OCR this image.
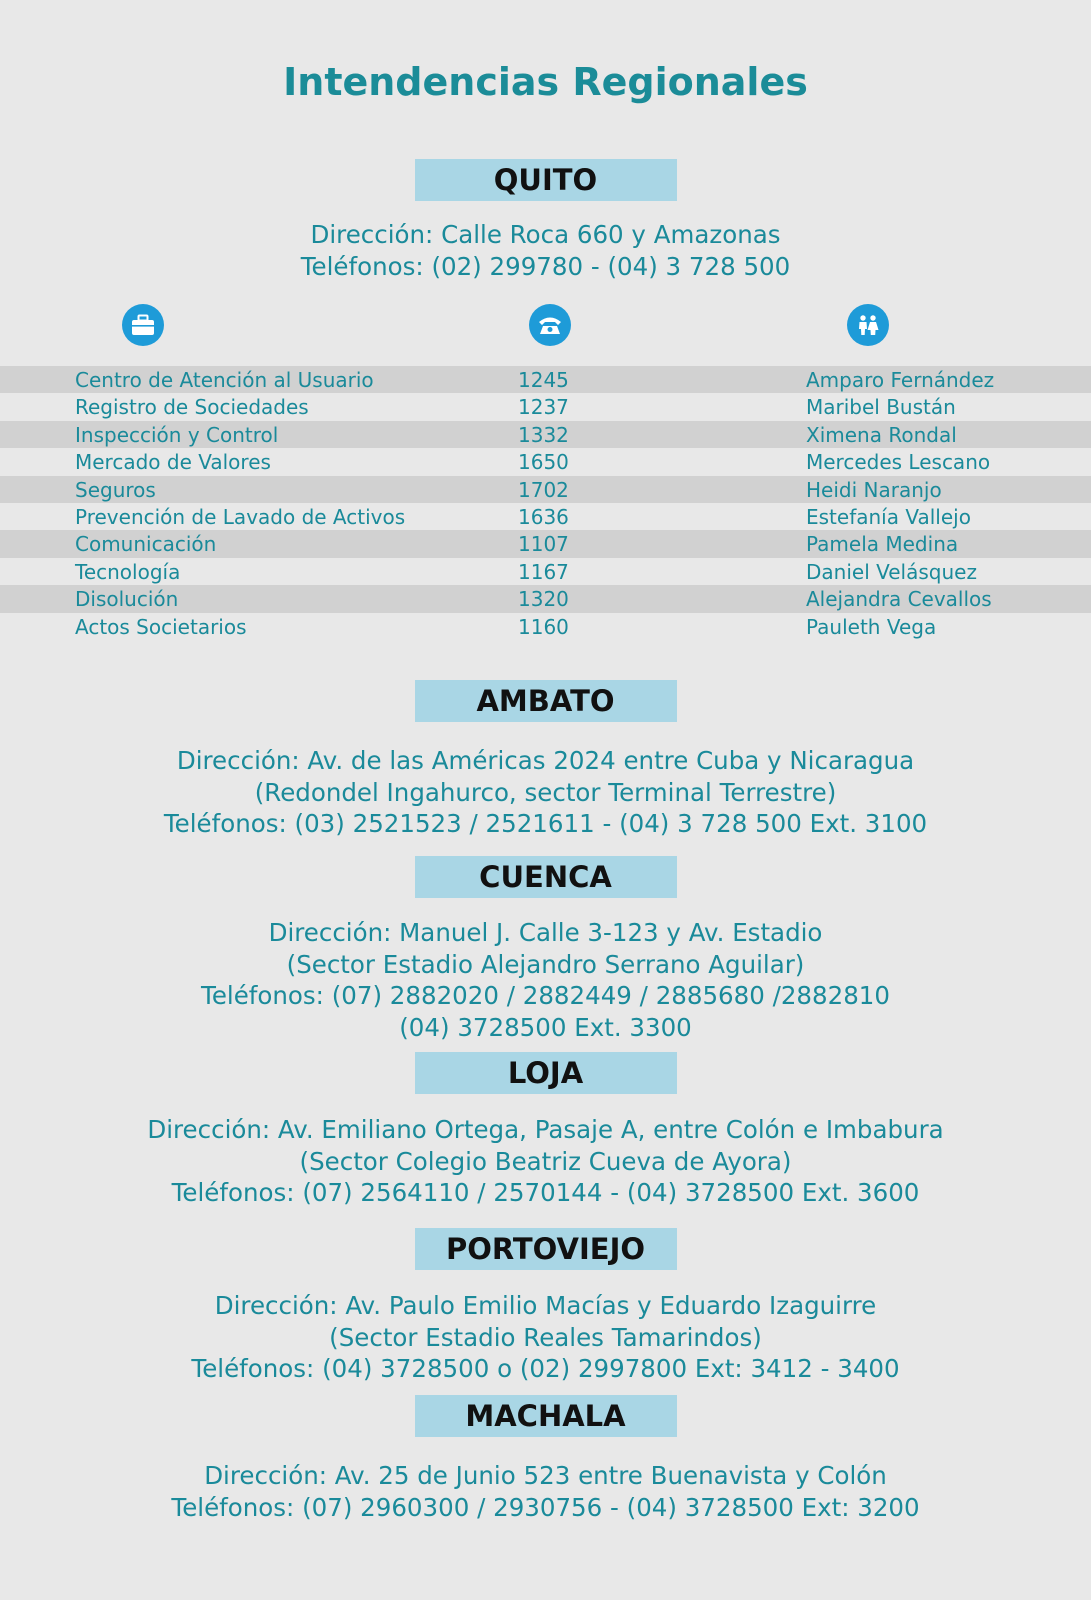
Intendencias Regionales
QUITO
Dirección: Calle Roca 660 y Amazonas
Teléfonos: (02) 299780 - (04) 3 728 500
Centro de Atención al Usuario	1245	Amparo Fernández
Registro de Sociedades	1237	Maribel Bustán
Inspección y Control	1332	Ximena Rondal
Mercado de Valores	1650	Mercedes Lescano
Seguros	1702	Heidi Naranjo
Prevención de Lavado de Activos	1636	Estefanía Vallejo
Comunicación	1107	Pamela Medina
Tecnología	1167	Daniel Velásquez
Disolución	1320	Alejandra Cevallos
Actos Societarios	1160	Pauleth Vega
AMBATO
Dirección: Av. de las Américas 2024 entre Cuba y Nicaragua
(Redondel Ingahurco, sector Terminal Terrestre)
Teléfonos: (03) 2521523 / 2521611 - (04) 3 728 500 Ext. 3100
CUENCA
Dirección: Manuel J. Calle 3-123 y Av. Estadio
(Sector Estadio Alejandro Serrano Aguilar)
Teléfonos: (07) 2882020 / 2882449 / 2885680 /2882810
(04) 3728500 Ext. 3300
LOJA
Dirección: Av. Emiliano Ortega, Pasaje A, entre Colón e Imbabura
(Sector Colegio Beatriz Cueva de Ayora)
Teléfonos: (07) 2564110 / 2570144 - (04) 3728500 Ext. 3600
PORTOVIEJO
Dirección: Av. Paulo Emilio Macías y Eduardo Izaguirre
(Sector Estadio Reales Tamarindos)
Teléfonos: (04) 3728500 o (02) 2997800 Ext: 3412 - 3400
MACHALA
Dirección: Av. 25 de Junio 523 entre Buenavista y Colón
Teléfonos: (07) 2960300 / 2930756 - (04) 3728500 Ext: 3200
